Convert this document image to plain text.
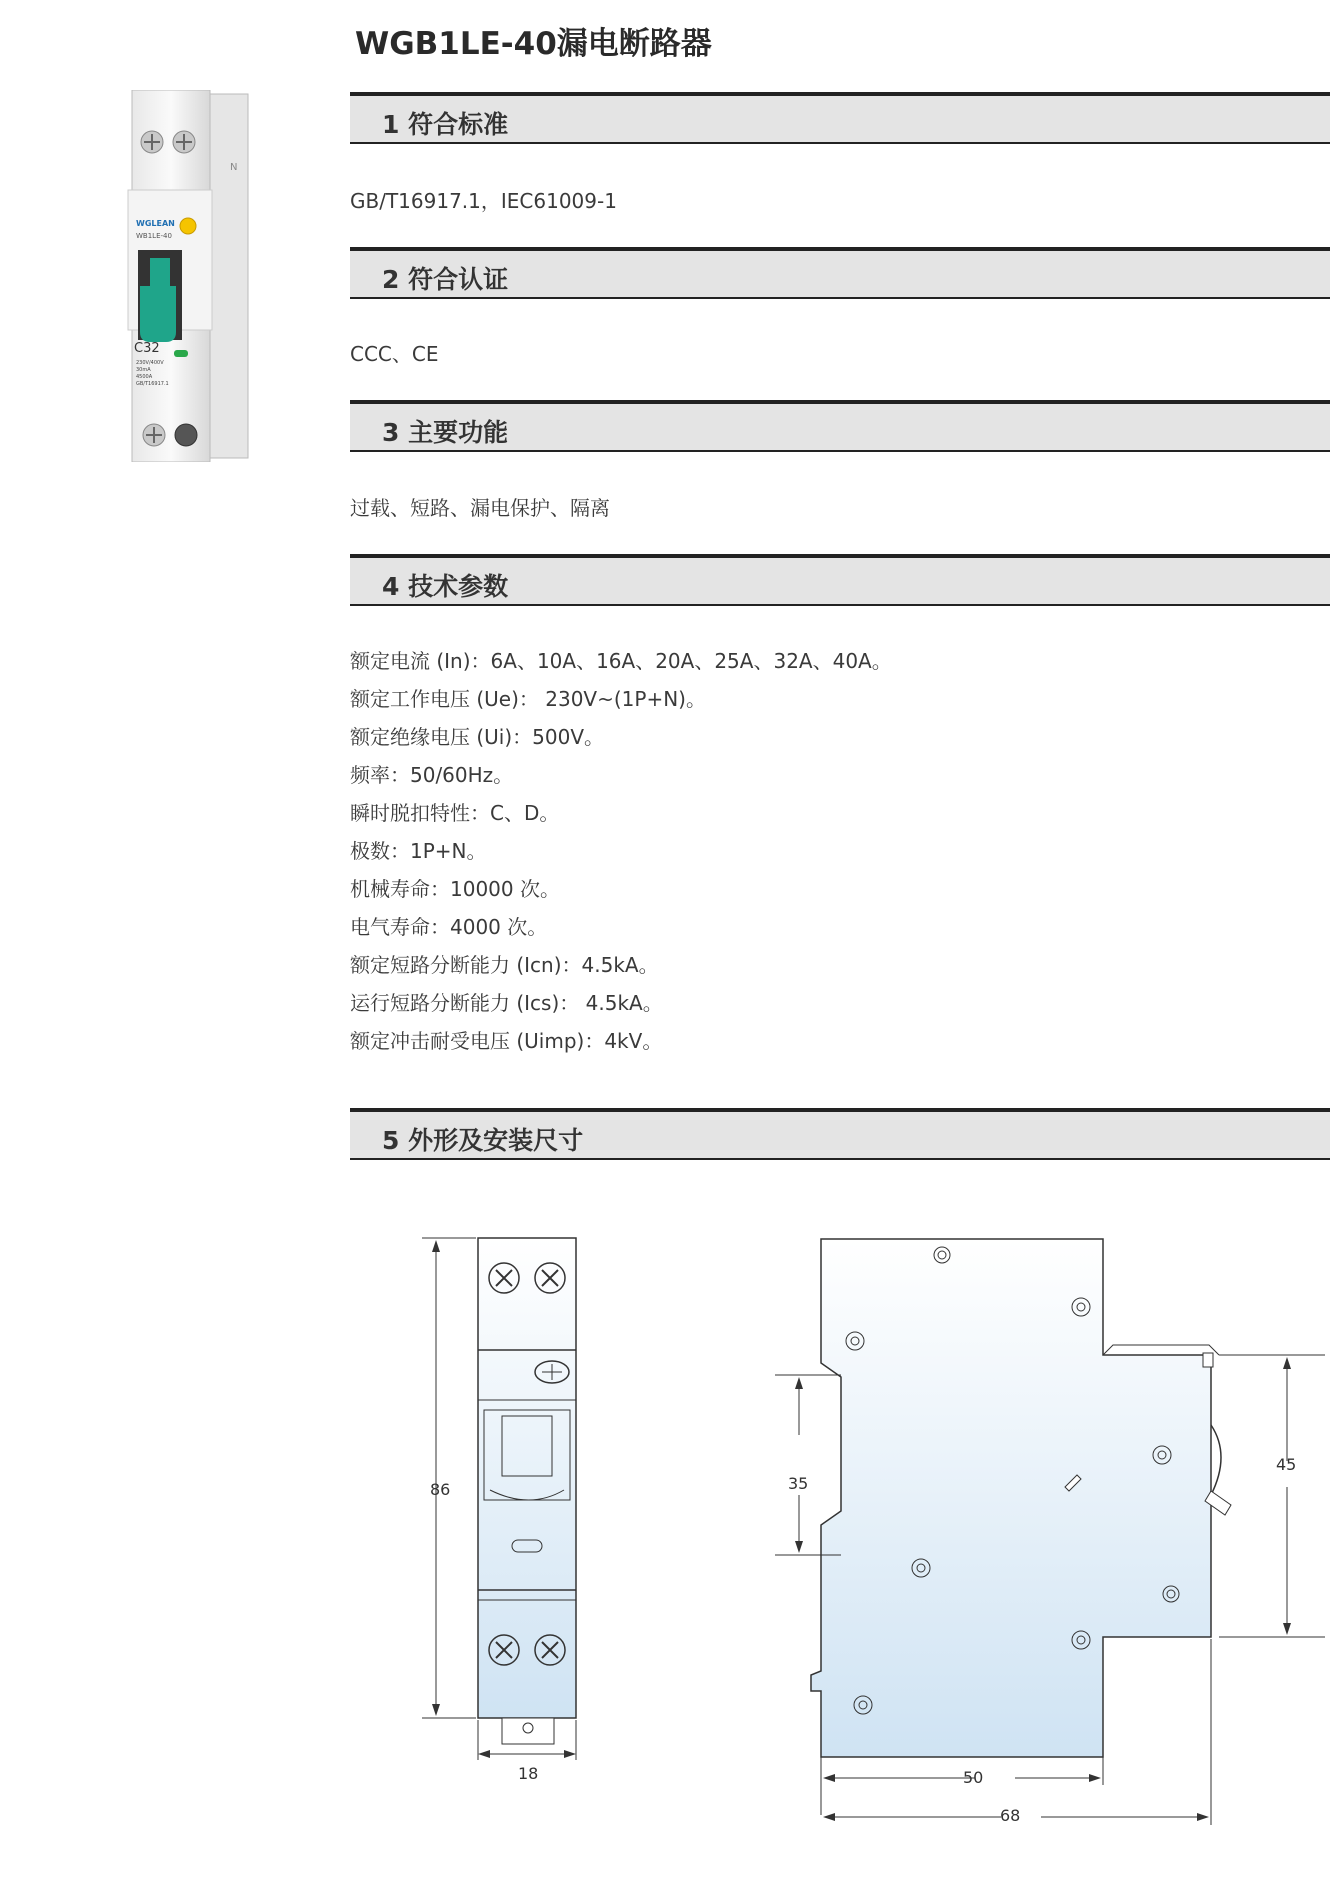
WGB1LE-40漏电断路器
N
WGLEAN
WB1LE-40
C32
230V/400V
30mA
4500A
GB/T16917.1
1 符合标准
GB/T16917.1，IEC61009-1
2 符合认证
CCC、CE
3 主要功能
过载、短路、漏电保护、隔离
4 技术参数
额定电流 (In)：6A、10A、16A、20A、25A、32A、40A。
额定工作电压 (Ue)： 230V~(1P+N)。
额定绝缘电压 (Ui)：500V。
频率：50/60Hz。
瞬时脱扣特性：C、D。
极数：1P+N。
机械寿命：10000 次。
电气寿命：4000 次。
额定短路分断能力 (Icn)：4.5kA。
运行短路分断能力 (Ics)： 4.5kA。
额定冲击耐受电压 (Uimp)：4kV。
5 外形及安装尺寸
86
18
35
45
50
68
